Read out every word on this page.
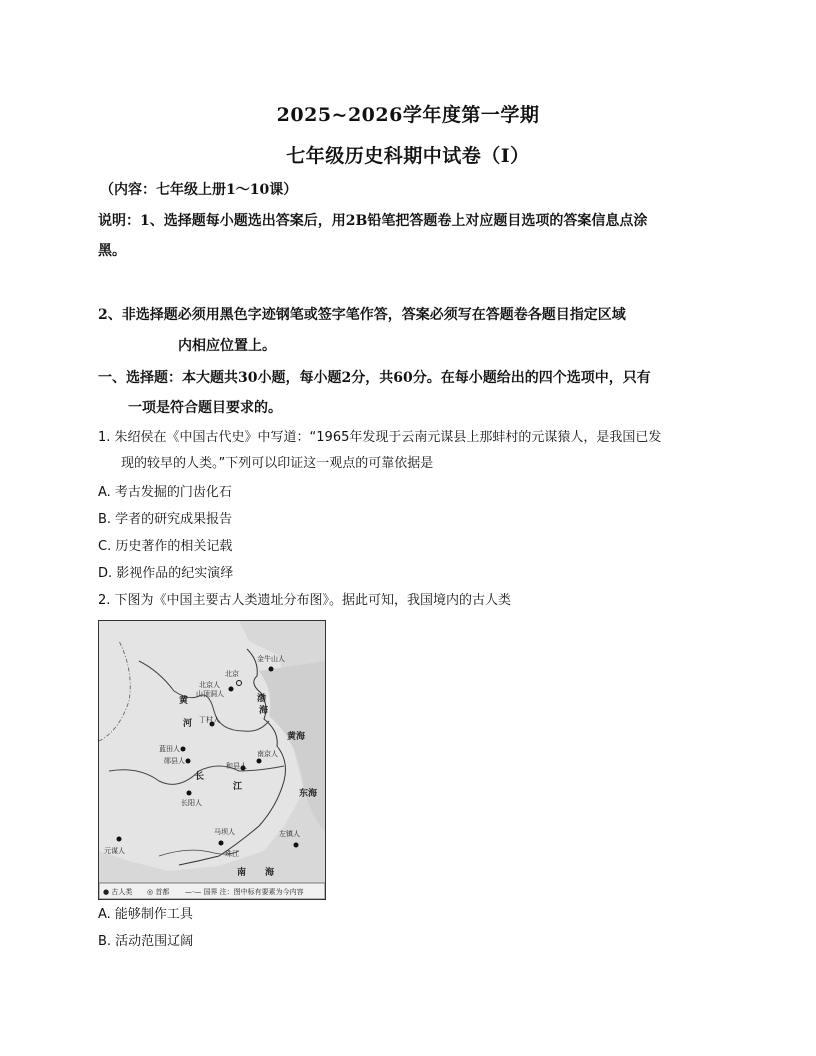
2025~2026学年度第一学期
七年级历史科期中试卷（Ⅰ）
（内容：七年级上册1～10课）
说明：1、选择题每小题选出答案后，用2B铅笔把答题卷上对应题目选项的答案信息点涂
黑。
2、非选择题必须用黑色字迹钢笔或签字笔作答，答案必须写在答题卷各题目指定区域
内相应位置上。
一、选择题：本大题共30小题，每小题2分，共60分。在每小题给出的四个选项中，只有
一项是符合题目要求的。
1. 朱绍侯在《中国古代史》中写道：“1965年发现于云南元谋县上那蚌村的元谋猿人，是我国已发
现的较早的人类。”下列可以印证这一观点的可靠依据是
A. 考古发掘的门齿化石
B. 学者的研究成果报告
C. 历史著作的相关记载
D. 影视作品的纪实演绎
2. 下图为《中国主要古人类遗址分布图》。据此可知，我国境内的古人类
金牛山人
北京
北京人
山顶洞人
丁村人
蓝田人
郧县人
和县人
南京人
长阳人
元谋人
马坝人
珠江
左镇人
黄
河
渤
海
黄海
长
江
东海
南 海
● 古人类 ◎ 首都 —·— 国界 注：图中标有要素为今内容
A. 能够制作工具
B. 活动范围辽阔
